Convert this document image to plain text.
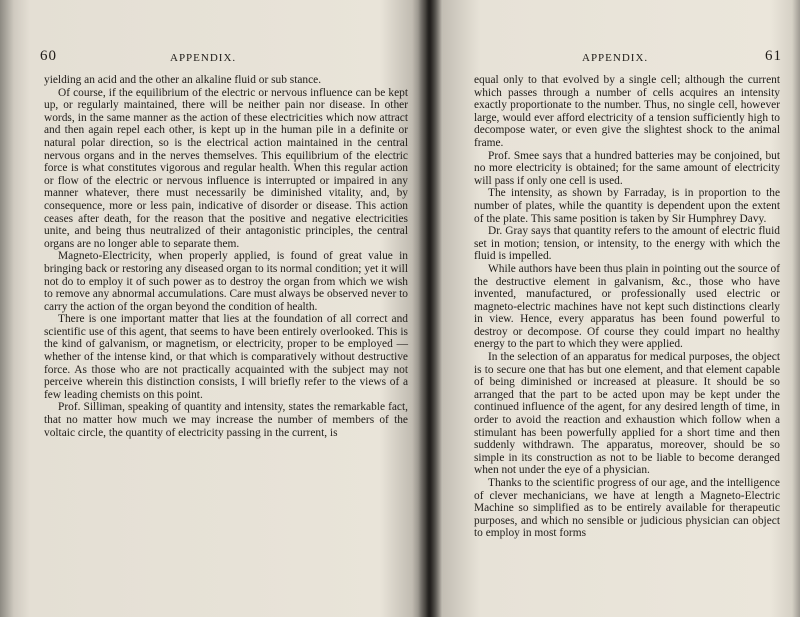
60	APPENDIX.

yielding an acid and the other an alkaline fluid or sub stance.

Of course, if the equilibrium of the electric or nervous influence can be kept up, or regularly maintained, there will be neither pain nor disease. In other words, in the same manner as the action of these electricities which now attract and then again repel each other, is kept up in the human pile in a definite or natural polar direction, so is the electrical action maintained in the central nervous organs and in the nerves themselves. This equilibrium of the electric force is what constitutes vigorous and regular health. When this regular action or flow of the electric or nervous influence is interrupted or impaired in any manner whatever, there must necessarily be diminished vitality, and, by consequence, more or less pain, indicative of disorder or disease. This action ceases after death, for the reason that the positive and negative electricities unite, and being thus neutralized of their antagonistic principles, the central organs are no longer able to separate them.

Magneto-Electricity, when properly applied, is found of great value in bringing back or restoring any diseased organ to its normal condition; yet it will not do to employ it of such power as to destroy the organ from which we wish to remove any abnormal accumulations. Care must always be observed never to carry the action of the organ beyond the condition of health.

There is one important matter that lies at the foundation of all correct and scientific use of this agent, that seems to have been entirely overlooked. This is the kind of galvanism, or magnetism, or electricity, proper to be employed — whether of the intense kind, or that which is comparatively without destructive force. As those who are not practically acquainted with the subject may not perceive wherein this distinction consists, I will briefly refer to the views of a few leading chemists on this point.

Prof. Silliman, speaking of quantity and intensity, states the remarkable fact, that no matter how much we may increase the number of members of the voltaic circle, the quantity of electricity passing in the current, is

APPENDIX.	61

equal only to that evolved by a single cell; although the current which passes through a number of cells acquires an intensity exactly proportionate to the number. Thus, no single cell, however large, would ever afford electricity of a tension sufficiently high to decompose water, or even give the slightest shock to the animal frame.

Prof. Smee says that a hundred batteries may be conjoined, but no more electricity is obtained; for the same amount of electricity will pass if only one cell is used.

The intensity, as shown by Farraday, is in proportion to the number of plates, while the quantity is dependent upon the extent of the plate. This same position is taken by Sir Humphrey Davy.

Dr. Gray says that quantity refers to the amount of electric fluid set in motion; tension, or intensity, to the energy with which the fluid is impelled.

While authors have been thus plain in pointing out the source of the destructive element in galvanism, &c., those who have invented, manufactured, or professionally used electric or magneto-electric machines have not kept such distinctions clearly in view. Hence, every apparatus has been found powerful to destroy or decompose. Of course they could impart no healthy energy to the part to which they were applied.

In the selection of an apparatus for medical purposes, the object is to secure one that has but one element, and that element capable of being diminished or increased at pleasure. It should be so arranged that the part to be acted upon may be kept under the continued influence of the agent, for any desired length of time, in order to avoid the reaction and exhaustion which follow when a stimulant has been powerfully applied for a short time and then suddenly withdrawn. The apparatus, moreover, should be so simple in its construction as not to be liable to become deranged when not under the eye of a physician.

Thanks to the scientific progress of our age, and the intelligence of clever mechanicians, we have at length a Magneto-Electric Machine so simplified as to be entirely available for therapeutic purposes, and which no sensible or judicious physician can object to employ in most forms
